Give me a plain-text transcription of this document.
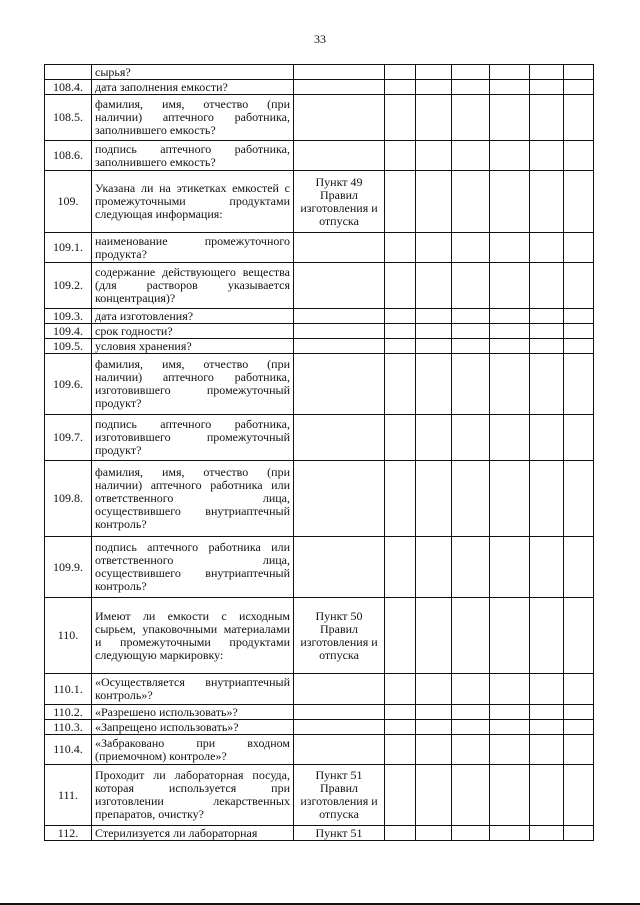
33
	сырья?							
108.4.	дата заполнения емкости?							
108.5.	фамилия, имя, отчество (при наличии) аптечного работника, заполнившего емкость?							
108.6.	подпись аптечного работника, заполнившего емкость?							
109.	Указана ли на этикетках емкостей с промежуточными продуктами следующая информация:	Пункт 49 Правил изготовления и отпуска						
109.1.	наименование промежуточного продукта?							
109.2.	содержание действующего вещества (для растворов указывается концентрация)?							
109.3.	дата изготовления?							
109.4.	срок годности?							
109.5.	условия хранения?							
109.6.	фамилия, имя, отчество (при наличии) аптечного работника, изготовившего промежуточный продукт?							
109.7.	подпись аптечного работника, изготовившего промежуточный продукт?							
109.8.	фамилия, имя, отчество (при наличии) аптечного работника или ответственного лица, осуществившего внутриаптечный контроль?							
109.9.	подпись аптечного работника или ответственного лица, осуществившего внутриаптечный контроль?							
110.	Имеют ли емкости с исходным сырьем, упаковочными материалами и промежуточными продуктами следующую маркировку:	Пункт 50 Правил изготовления и отпуска						
110.1.	«Осуществляется внутриаптечный контроль»?							
110.2.	«Разрешено использовать»?							
110.3.	«Запрещено использовать»?							
110.4.	«Забраковано при входном (приемочном) контроле»?							
111.	Проходит ли лабораторная посуда, которая используется при изготовлении лекарственных препаратов, очистку?	Пункт 51 Правил изготовления и отпуска						
112.	Стерилизуется ли лабораторная	Пункт 51						
